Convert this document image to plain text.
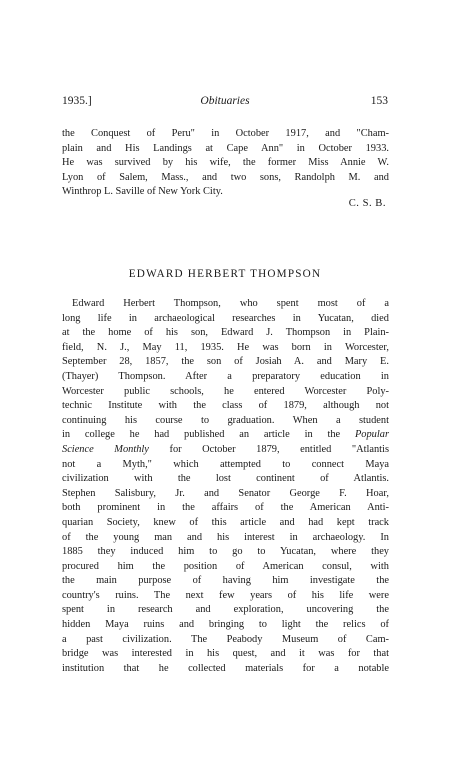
1935.]	Obituaries	153

the Conquest of Peru" in October 1917, and "Cham-
plain and His Landings at Cape Ann" in October 1933.
He was survived by his wife, the former Miss Annie W.
Lyon of Salem, Mass., and two sons, Randolph M. and
Winthrop L. Saville of New York City.

C. S. B.
EDWARD HERBERT THOMPSON

Edward Herbert Thompson, who spent most of a
long life in archaeological researches in Yucatan, died
at the home of his son, Edward J. Thompson in Plain-
field, N. J., May 11, 1935. He was born in Worcester,
September 28, 1857, the son of Josiah A. and Mary E.
(Thayer) Thompson. After a preparatory education in
Worcester public schools, he entered Worcester Poly-
technic Institute with the class of 1879, although not
continuing his course to graduation. When a student
in college he had published an article in the Popular
Science Monthly for October 1879, entitled "Atlantis
not a Myth," which attempted to connect Maya
civilization with the lost continent of Atlantis.
Stephen Salisbury, Jr. and Senator George F. Hoar,
both prominent in the affairs of the American Anti-
quarian Society, knew of this article and had kept track
of the young man and his interest in archaeology. In
1885 they induced him to go to Yucatan, where they
procured him the position of American consul, with
the main purpose of having him investigate the
country's ruins. The next few years of his life were
spent in research and exploration, uncovering the
hidden Maya ruins and bringing to light the relics of
a past civilization. The Peabody Museum of Cam-
bridge was interested in his quest, and it was for that
institution that he collected materials for a notable
